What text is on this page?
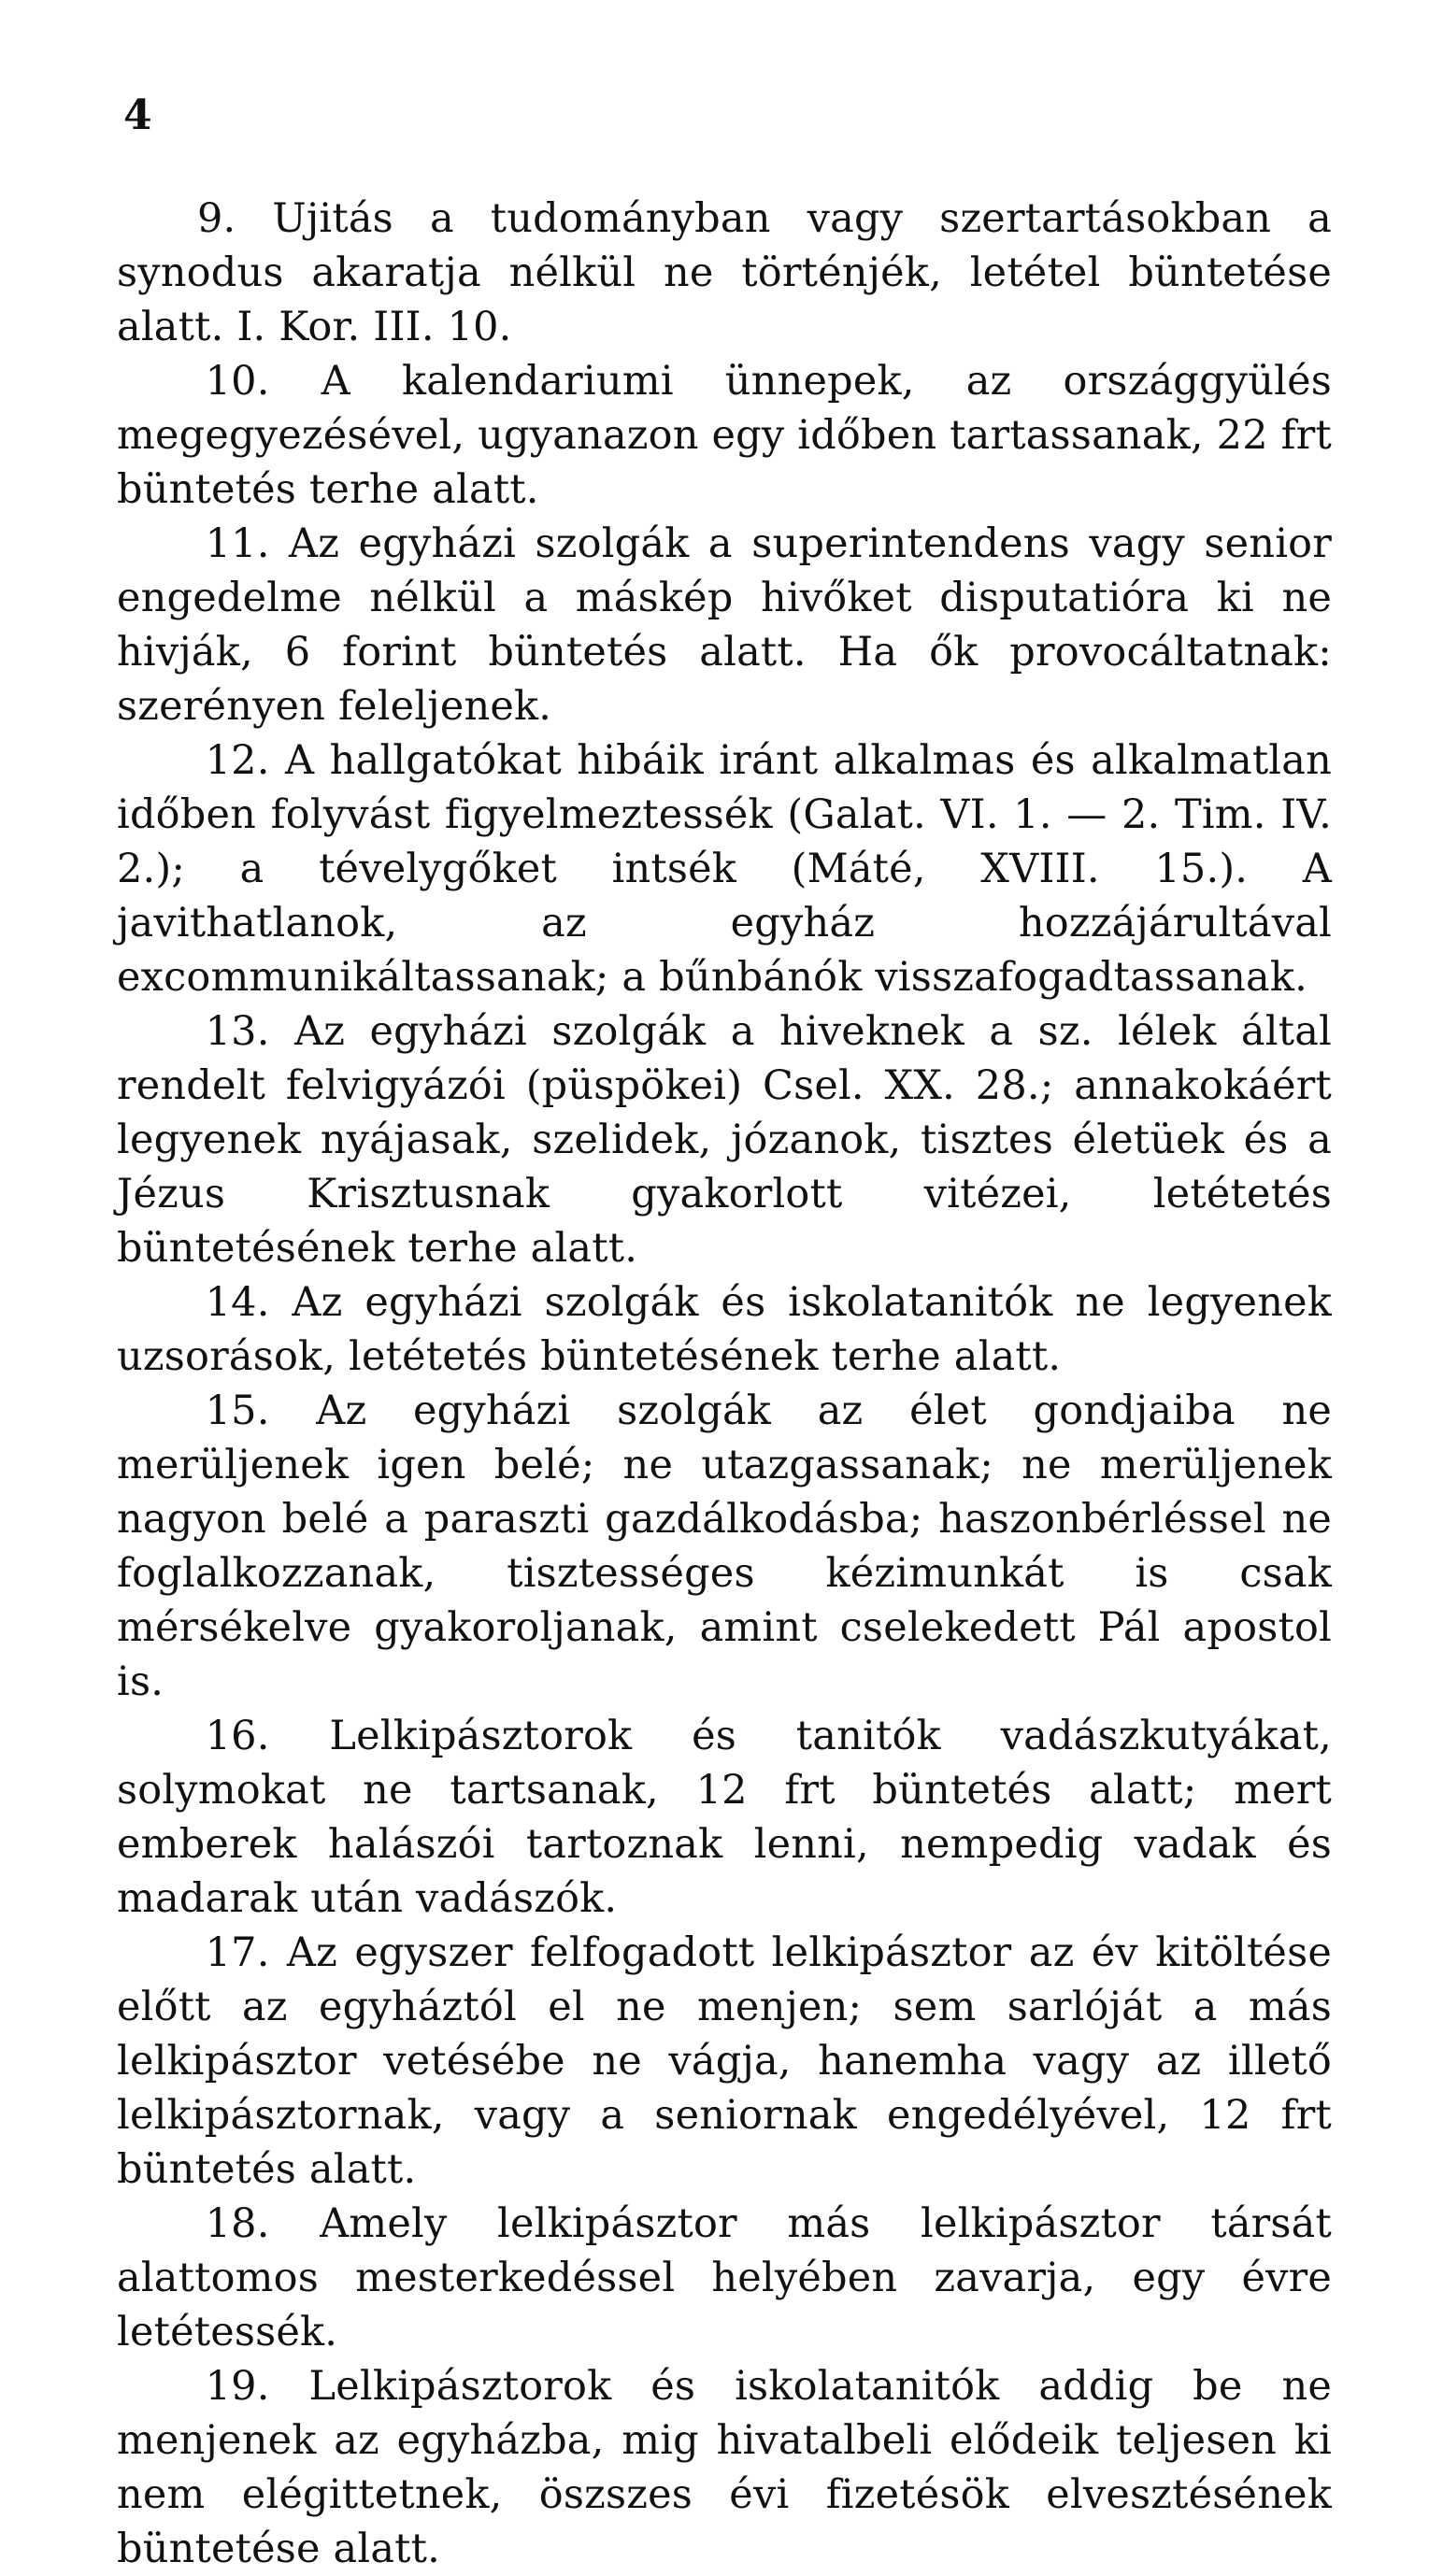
4

9. Ujitás a tudományban vagy szertartásokban a synodus akaratja nélkül ne történjék, letétel büntetése alatt. I. Kor. III. 10.

10. A kalendariumi ünnepek, az országgyülés megegyezésével, ugyanazon egy időben tartassanak, 22 frt büntetés terhe alatt.

11. Az egyházi szolgák a superintendens vagy senior engedelme nélkül a máskép hivőket disputatióra ki ne hivják, 6 forint büntetés alatt. Ha ők provocáltatnak: szerényen feleljenek.

12. A hallgatókat hibáik iránt alkalmas és alkalmatlan időben folyvást figyelmeztessék (Galat. VI. 1. — 2. Tim. IV. 2.); a tévelygőket intsék (Máté, XVIII. 15.). A javithatlanok, az egyház hozzájárultával excommunikáltassanak; a bűnbánók visszafogadtassanak.

13. Az egyházi szolgák a hiveknek a sz. lélek által rendelt felvigyázói (püspökei) Csel. XX. 28.; annakokáért legyenek nyájasak, szelidek, józanok, tisztes életüek és a Jézus Krisztusnak gyakorlott vitézei, letétetés büntetésének terhe alatt.

14. Az egyházi szolgák és iskolatanitók ne legyenek uzsorások, letétetés büntetésének terhe alatt.

15. Az egyházi szolgák az élet gondjaiba ne merüljenek igen belé; ne utazgassanak; ne merüljenek nagyon belé a paraszti gazdálkodásba; haszonbérléssel ne foglalkozzanak, tisztességes kézimunkát is csak mérsékelve gyakoroljanak, amint cselekedett Pál apostol is.

16. Lelkipásztorok és tanitók vadászkutyákat, solymokat ne tartsanak, 12 frt büntetés alatt; mert emberek halászói tartoznak lenni, nempedig vadak és madarak után vadászók.

17. Az egyszer felfogadott lelkipásztor az év kitöltése előtt az egyháztól el ne menjen; sem sarlóját a más lelkipásztor vetésébe ne vágja, hanemha vagy az illető lelkipásztornak, vagy a seniornak engedélyével, 12 frt büntetés alatt.

18. Amely lelkipásztor más lelkipásztor társát alattomos mesterkedéssel helyében zavarja, egy évre letétessék.

19. Lelkipásztorok és iskolatanitók addig be ne menjenek az egyházba, mig hivatalbeli elődeik teljesen ki nem elégittetnek, öszszes évi fizetésök elvesztésének büntetése alatt.
